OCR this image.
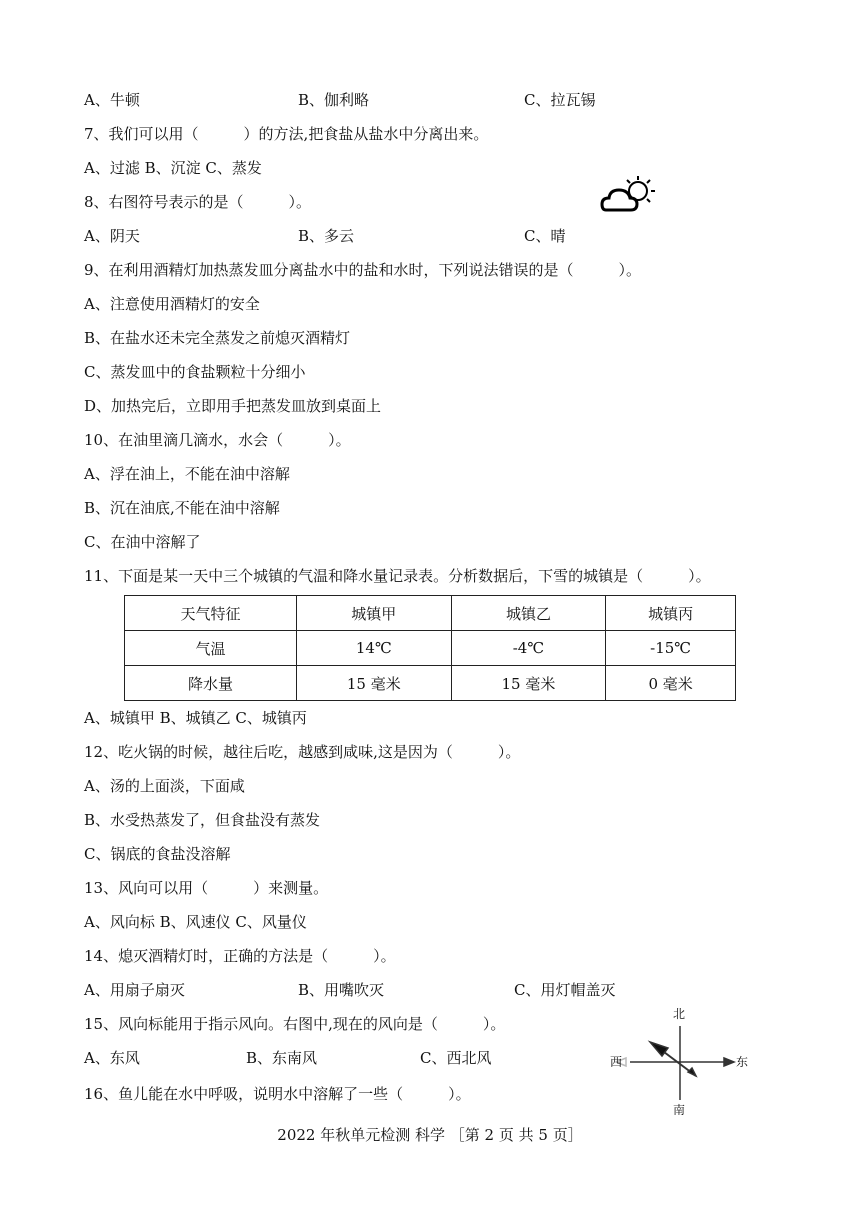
A、牛顿	B、伽利略	C、拉瓦锡
7、我们可以用（　　　）的方法,把食盐从盐水中分离出来。
A、过滤 B、沉淀 C、蒸发
8、右图符号表示的是（　　　）。
A、阴天	B、多云	C、晴
9、在利用酒精灯加热蒸发皿分离盐水中的盐和水时，下列说法错误的是（　　　）。
A、注意使用酒精灯的安全
B、在盐水还未完全蒸发之前熄灭酒精灯
C、蒸发皿中的食盐颗粒十分细小
D、加热完后，立即用手把蒸发皿放到桌面上
10、在油里滴几滴水，水会（　　　）。
A、浮在油上，不能在油中溶解
B、沉在油底,不能在油中溶解
C、在油中溶解了
11、下面是某一天中三个城镇的气温和降水量记录表。分析数据后，下雪的城镇是（　　　）。
天气特征	城镇甲	城镇乙	城镇丙
气温	14℃	-4℃	-15℃
降水量	15 毫米	15 毫米	0 毫米
A、城镇甲 B、城镇乙 C、城镇丙
12、吃火锅的时候，越往后吃，越感到咸味,这是因为（　　　）。
A、汤的上面淡，下面咸
B、水受热蒸发了，但食盐没有蒸发
C、锅底的食盐没溶解
13、风向可以用（　　　）来测量。
A、风向标 B、风速仪 C、风量仪
14、熄灭酒精灯时，正确的方法是（　　　）。
A、用扇子扇灭	B、用嘴吹灭	C、用灯帽盖灭
15、风向标能用于指示风向。右图中,现在的风向是（　　　）。
A、东风	B、东南风	C、西北风
北
南
东
西
16、鱼儿能在水中呼吸，说明水中溶解了一些（　　　）。
2022 年秋单元检测 科学 ［第 2 页 共 5 页］
